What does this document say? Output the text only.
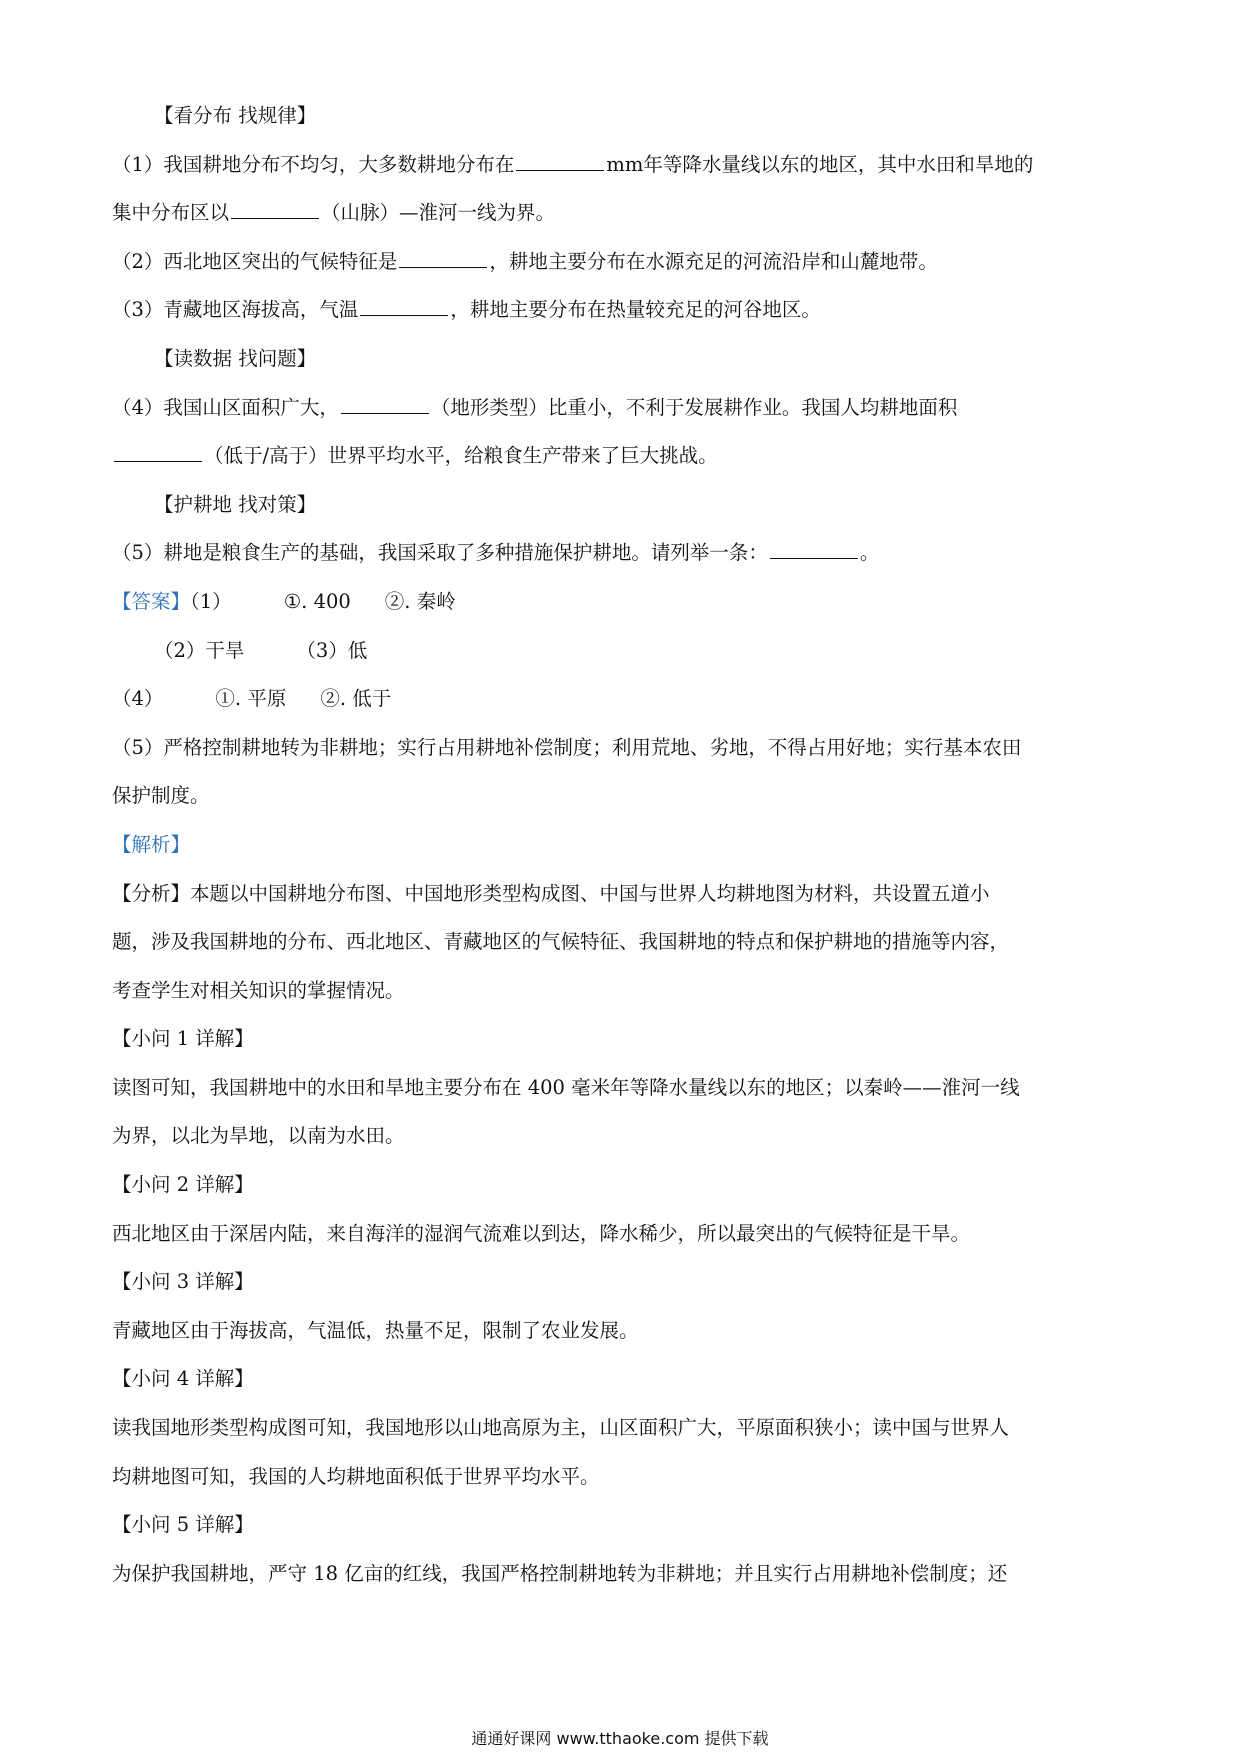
【看分布 找规律】
（1）我国耕地分布不均匀，大多数耕地分布在	mm年等降水量线以东的地区，其中水田和旱地的
集中分布区以	（山脉）—淮河一线为界。
（2）西北地区突出的气候特征是	，耕地主要分布在水源充足的河流沿岸和山麓地带。
（3）青藏地区海拔高，气温	，耕地主要分布在热量较充足的河谷地区。
【读数据 找问题】
（4）我国山区面积广大，	（地形类型）比重小，不利于发展耕作业。我国人均耕地面积
（低于/高于）世界平均水平，给粮食生产带来了巨大挑战。
【护耕地 找对策】
（5）耕地是粮食生产的基础，我国采取了多种措施保护耕地。请列举一条：	。
【答案】（1）	①. 400 ②. 秦岭
（2）干旱	（3）低
（4）	①. 平原 ②. 低于
（5）严格控制耕地转为非耕地；实行占用耕地补偿制度；利用荒地、劣地，不得占用好地；实行基本农田
保护制度。
【解析】
【分析】本题以中国耕地分布图、中国地形类型构成图、中国与世界人均耕地图为材料，共设置五道小
题，涉及我国耕地的分布、西北地区、青藏地区的气候特征、我国耕地的特点和保护耕地的措施等内容，
考查学生对相关知识的掌握情况。
【小问 1 详解】
读图可知，我国耕地中的水田和旱地主要分布在 400 毫米年等降水量线以东的地区；以秦岭——淮河一线
为界，以北为旱地，以南为水田。
【小问 2 详解】
西北地区由于深居内陆，来自海洋的湿润气流难以到达，降水稀少，所以最突出的气候特征是干旱。
【小问 3 详解】
青藏地区由于海拔高，气温低，热量不足，限制了农业发展。
【小问 4 详解】
读我国地形类型构成图可知，我国地形以山地高原为主，山区面积广大，平原面积狭小；读中国与世界人
均耕地图可知，我国的人均耕地面积低于世界平均水平。
【小问 5 详解】
为保护我国耕地，严守 18 亿亩的红线，我国严格控制耕地转为非耕地；并且实行占用耕地补偿制度；还
通通好课网 www.tthaoke.com 提供下载
